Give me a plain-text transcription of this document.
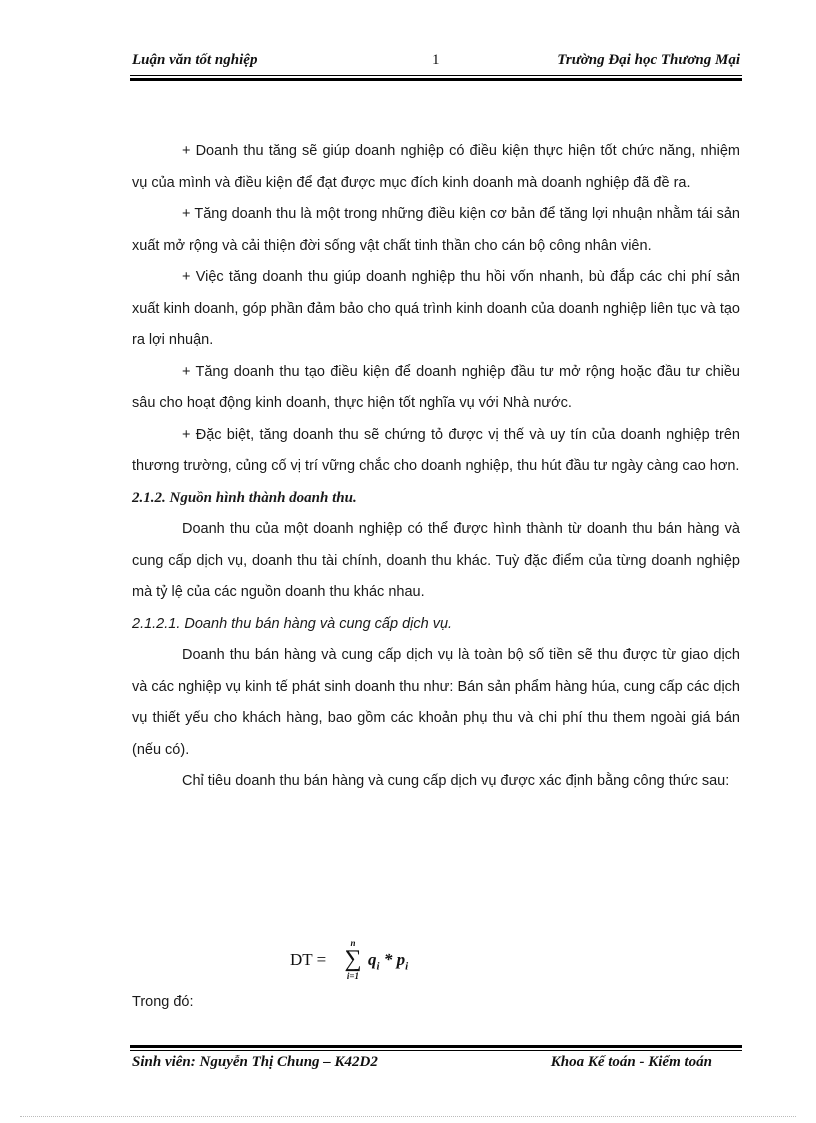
Luận văn tốt nghiệp	1	Trường Đại học Thương Mại

+ Doanh thu tăng sẽ giúp doanh nghiệp có điều kiện thực hiện tốt chức năng, nhiệm vụ của mình và điều kiện để đạt được mục đích kinh doanh mà doanh nghiệp đã đề ra.

+ Tăng doanh thu là một trong những điều kiện cơ bản để tăng lợi nhuận nhằm tái sản xuất mở rộng và cải thiện đời sống vật chất tinh thần cho cán bộ công nhân viên.

+ Việc tăng doanh thu giúp doanh nghiệp thu hồi vốn nhanh, bù đắp các chi phí sản xuất kinh doanh, góp phần đảm bảo cho quá trình kinh doanh của doanh nghiệp liên tục và tạo ra lợi nhuận.

+ Tăng doanh thu tạo điều kiện để doanh nghiệp đầu tư mở rộng hoặc đầu tư chiều sâu cho hoạt động kinh doanh, thực hiện tốt nghĩa vụ với Nhà nước.

+ Đặc biệt, tăng doanh thu sẽ chứng tỏ được vị thế và uy tín của doanh nghiệp trên thương trường, củng cố vị trí vững chắc cho doanh nghiệp, thu hút đầu tư ngày càng cao hơn.

2.1.2. Nguồn hình thành doanh thu.

Doanh thu của một doanh nghiệp có thể được hình thành từ doanh thu bán hàng và cung cấp dịch vụ, doanh thu tài chính, doanh thu khác. Tuỳ đặc điểm của từng doanh nghiệp mà tỷ lệ của các nguồn doanh thu khác nhau.

2.1.2.1. Doanh thu bán hàng và cung cấp dịch vụ.

Doanh thu bán hàng và cung cấp dịch vụ là toàn bộ số tiền sẽ thu được từ giao dịch và các nghiệp vụ kinh tế phát sinh doanh thu như: Bán sản phẩm hàng húa, cung cấp các dịch vụ thiết yếu cho khách hàng, bao gồm các khoản phụ thu và chi phí thu them ngoài giá bán (nếu có).

Chỉ tiêu doanh thu bán hàng và cung cấp dịch vụ được xác định bằng công thức sau:

DT =
n
∑
i=1
$q_i * p_i$
Trong đó:
Sinh viên: Nguyễn Thị Chung – K42D2	Khoa Kế toán - Kiểm toán
